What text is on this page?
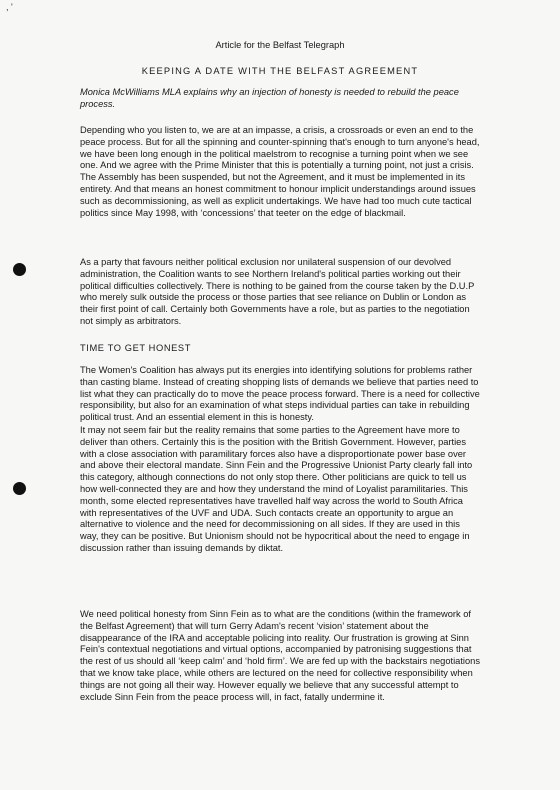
, '
Article for the Belfast Telegraph
KEEPING A DATE WITH THE BELFAST AGREEMENT
Monica McWilliams MLA explains why an injection of honesty is needed to rebuild the peace process.
Depending who you listen to, we are at an impasse, a crisis, a crossroads or even an end to the peace process. But for all the spinning and counter-spinning that's enough to turn anyone's head, we have been long enough in the political maelstrom to recognise a turning point when we see one. And we agree with the Prime Minister that this is potentially a turning point, not just a crisis. The Assembly has been suspended, but not the Agreement, and it must be implemented in its entirety. And that means an honest commitment to honour implicit understandings around issues such as decommissioning, as well as explicit undertakings. We have had too much cute tactical politics since May 1998, with ‘concessions’ that teeter on the edge of blackmail.
As a party that favours neither political exclusion nor unilateral suspension of our devolved administration, the Coalition wants to see Northern Ireland's political parties working out their political difficulties collectively. There is nothing to be gained from the course taken by the D.U.P who merely sulk outside the process or those parties that see reliance on Dublin or London as their first point of call. Certainly both Governments have a role, but as parties to the negotiation not simply as arbitrators.
TIME TO GET HONEST
The Women's Coalition has always put its energies into identifying solutions for problems rather than casting blame. Instead of creating shopping lists of demands we believe that parties need to list what they can practically do to move the peace process forward. There is a need for collective responsibility, but also for an examination of what steps individual parties can take in rebuilding political trust. And an essential element in this is honesty.
It may not seem fair but the reality remains that some parties to the Agreement have more to deliver than others. Certainly this is the position with the British Government. However, parties with a close association with paramilitary forces also have a disproportionate power base over and above their electoral mandate. Sinn Fein and the Progressive Unionist Party clearly fall into this category, although connections do not only stop there. Other politicians are quick to tell us how well-connected they are and how they understand the mind of Loyalist paramilitaries. This month, some elected representatives have travelled half way across the world to South Africa with representatives of the UVF and UDA. Such contacts create an opportunity to argue an alternative to violence and the need for decommissioning on all sides. If they are used in this way, they can be positive. But Unionism should not be hypocritical about the need to engage in discussion rather than issuing demands by diktat.
We need political honesty from Sinn Fein as to what are the conditions (within the framework of the Belfast Agreement) that will turn Gerry Adam's recent ‘vision’ statement about the disappearance of the IRA and acceptable policing into reality. Our frustration is growing at Sinn Fein's contextual negotiations and virtual options, accompanied by patronising suggestions that the rest of us should all ‘keep calm’ and ‘hold firm’. We are fed up with the backstairs negotiations that we know take place, while others are lectured on the need for collective responsibility when things are not going all their way. However equally we believe that any successful attempt to exclude Sinn Fein from the peace process will, in fact, fatally undermine it.
